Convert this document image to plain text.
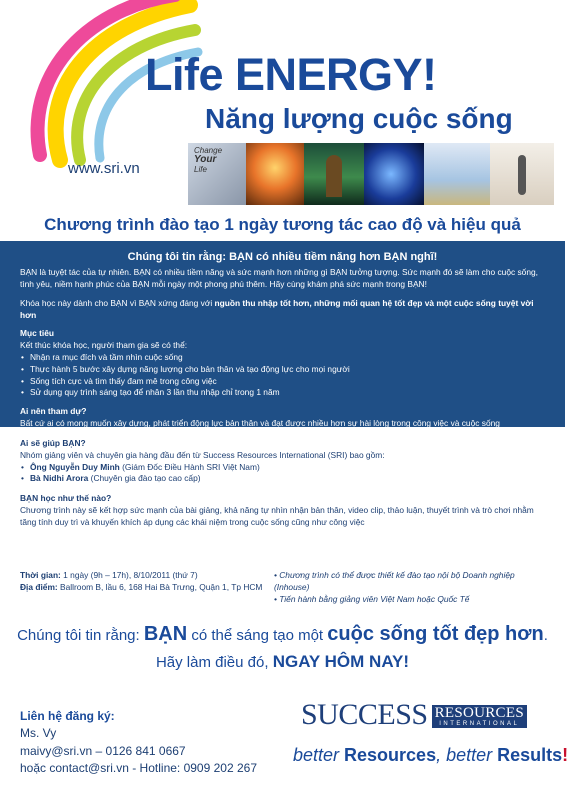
Life ENERGY!
Năng lượng cuộc sống
www.sri.vn
Change
Your
Life
Chương trình đào tạo 1 ngày tương tác cao độ và hiệu quả
Chúng tôi tin rằng: BẠN có nhiều tiềm năng hơn BẠN nghĩ!

BẠN là tuyệt tác của tự nhiên. BẠN có nhiều tiềm năng và sức mạnh hơn những gì BẠN tưởng tượng. Sức mạnh đó sẽ làm cho cuộc sống, tình yêu, niềm hạnh phúc của BẠN mỗi ngày một phong phú thêm. Hãy cùng khám phá sức mạnh trong BẠN!

Khóa học này dành cho BẠN vì BẠN xứng đáng với nguồn thu nhập tốt hơn, những mối quan hệ tốt đẹp và một cuộc sống tuyệt vời hơn

Mục tiêu

Kết thúc khóa học, người tham gia sẽ có thể:

• Nhận ra mục đích và tầm nhìn cuộc sống
• Thực hành 5 bước xây dựng năng lượng cho bản thân và tạo động lực cho mọi người
• Sống tích cực và tìm thấy đam mê trong công việc
• Sử dụng quy trình sáng tạo để nhân 3 lần thu nhập chỉ trong 1 năm

Ai nên tham dự?

Bất cứ ai có mong muốn xây dựng, phát triển động lực bản thân và đạt được nhiều hơn sự hài lòng trong công việc và cuộc sống

Ai sẽ giúp BẠN?

Nhóm giảng viên và chuyên gia hàng đầu đến từ Success Resources International (SRI) bao gồm:

• Ông Nguyễn Duy Minh (Giám Đốc Điều Hành SRI Việt Nam)
• Bà Nidhi Arora (Chuyên gia đào tạo cao cấp)

BẠN học như thế nào?

Chương trình này sẽ kết hợp sức mạnh của bài giảng, khả năng tự nhìn nhận bản thân, video clip, thảo luận, thuyết trình và trò chơi nhằm tăng tính duy trì và khuyến khích áp dụng các khái niệm trong cuộc sống cũng như công việc

Thời gian: 1 ngày (9h – 17h), 8/10/2011 (thứ 7)
Địa điểm: Ballroom B, lầu 6, 168 Hai Bà Trưng, Quận 1, Tp HCM
• Chương trình có thể được thiết kế đào tạo nội bộ Doanh nghiệp (Inhouse)
• Tiến hành bằng giảng viên Việt Nam hoặc Quốc Tế
Chúng tôi tin rằng: BẠN có thể sáng tạo một cuộc sống tốt đẹp hơn.
Hãy làm điều đó, NGAY HÔM NAY!
Liên hệ đăng ký:
Ms. Vy
maivy@sri.vn – 0126 841 0667
hoặc contact@sri.vn - Hotline: 0909 202 267
SUCCESS RESOURCES
INTERNATIONAL
better Resources, better Results!
